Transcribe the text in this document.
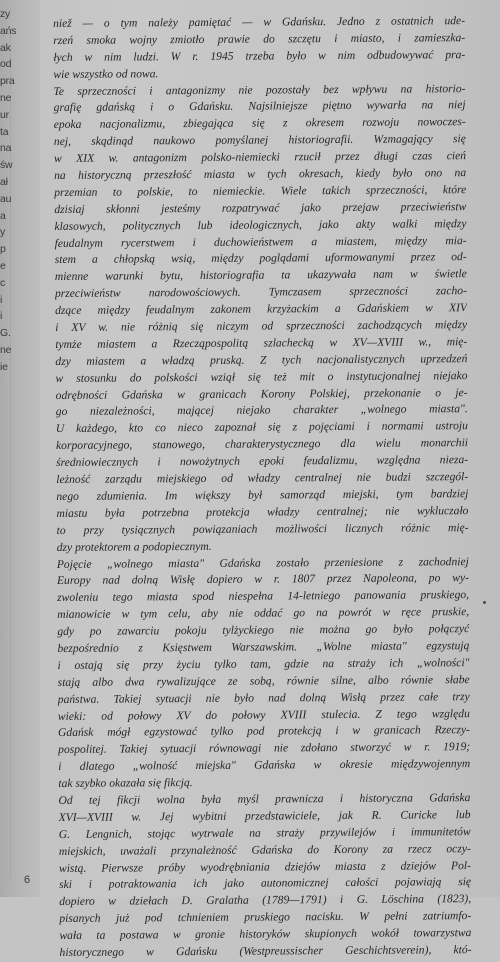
zy
ańs
ak
od
pra
ne
ur
ta
na
św
ał
au
a
y
p
e
c
i
i
G.
ne
ie
niež — o tym należy pamiętać — w Gdańsku. Jedno z ostatnich ude-
rzeń smoka wojny zmiotło prawie do szczętu i miasto, i zamieszka-
łych w nim ludzi. W r. 1945 trzeba było w nim odbudowywać pra-
wie wszystko od nowa.
Te sprzeczności i antagonizmy nie pozostały bez wpływu na historio-
grafię gdańską i o Gdańsku. Najsilniejsze piętno wywarła na niej
epoka nacjonalizmu, zbiegająca się z okresem rozwoju nowoczes-
nej, skądinąd naukowo pomyślanej historiografii. Wzmagający się
w XIX w. antagonizm polsko-niemiecki rzucił przez długi czas cień
na historyczną przeszłość miasta w tych okresach, kiedy było ono na
przemian to polskie, to niemieckie. Wiele takich sprzeczności, które
dzisiaj skłonni jesteśmy rozpatrywać jako przejaw przeciwieństw
klasowych, politycznych lub ideologicznych, jako akty walki między
feudalnym rycerstwem i duchowieństwem a miastem, między mia-
stem a chłopską wsią, między poglądami uformowanymi przez od-
mienne warunki bytu, historiografia ta ukazywała nam w świetle
przeciwieństw narodowościowych. Tymczasem sprzeczności zacho-
dzące między feudalnym zakonem krzyżackim a Gdańskiem w XIV
i XV w. nie różnią się niczym od sprzeczności zachodzących między
tymże miastem a Rzecząpospolitą szlachecką w XV—XVIII w., mię-
dzy miastem a władzą pruską. Z tych nacjonalistycznych uprzedzeń
w stosunku do polskości wziął się też mit o instytucjonalnej niejako
odrębności Gdańska w granicach Korony Polskiej, przekonanie o je-
go niezależności, mającej niejako charakter „wolnego miasta".
U każdego, kto co nieco zapoznał się z pojęciami i normami ustroju
korporacyjnego, stanowego, charakterystycznego dla wielu monarchii
średniowiecznych i nowożytnych epoki feudalizmu, względna nieza-
leżność zarządu miejskiego od władzy centralnej nie budzi szczegól-
nego zdumienia. Im większy był samorząd miejski, tym bardziej
miastu była potrzebna protekcja władzy centralnej; nie wykluczało
to przy tysiącznych powiązaniach możliwości licznych różnic mię-
dzy protektorem a podopiecznym.
Pojęcie „wolnego miasta" Gdańska zostało przeniesione z zachodniej
Europy nad dolną Wisłę dopiero w r. 1807 przez Napoleona, po wy-
zwoleniu tego miasta spod niespełna 14-letniego panowania pruskiego,
mianowicie w tym celu, aby nie oddać go na powrót w ręce pruskie,
gdy po zawarciu pokoju tylżyckiego nie można go było połączyć
bezpośrednio z Księstwem Warszawskim. „Wolne miasta" egzystują
i ostają się przy życiu tylko tam, gdzie na straży ich „wolności"
stają albo dwa rywalizujące ze sobą, równie silne, albo równie słabe
państwa. Takiej sytuacji nie było nad dolną Wisłą przez całe trzy
wieki: od połowy XV do połowy XVIII stulecia. Z tego względu
Gdańsk mógł egzystować tylko pod protekcją i w granicach Rzeczy-
pospolitej. Takiej sytuacji równowagi nie zdołano stworzyć w r. 1919;
i dlatego „wolność miejska" Gdańska w okresie międzywojennym
tak szybko okazała się fikcją.
Od tej fikcji wolna była myśl prawnicza i historyczna Gdańska
XVI—XVIII w. Jej wybitni przedstawiciele, jak R. Curicke lub
G. Lengnich, stojąc wytrwale na straży przywilejów i immunitetów
miejskich, uważali przynależność Gdańska do Korony za rzecz oczy-
wistą. Pierwsze próby wyodrębniania dziejów miasta z dziejów Pol-
ski i potraktowania ich jako autonomicznej całości pojawiają się
dopiero w dziełach D. Gralatha (1789—1791) i G. Löschina (1823),
pisanych już pod tchnieniem pruskiego nacisku. W pełni zatriumfo-
wała ta postawa w gronie historyków skupionych wokół towarzystwa
historycznego w Gdańsku (Westpreussischer Geschichtsverein), któ-
6
